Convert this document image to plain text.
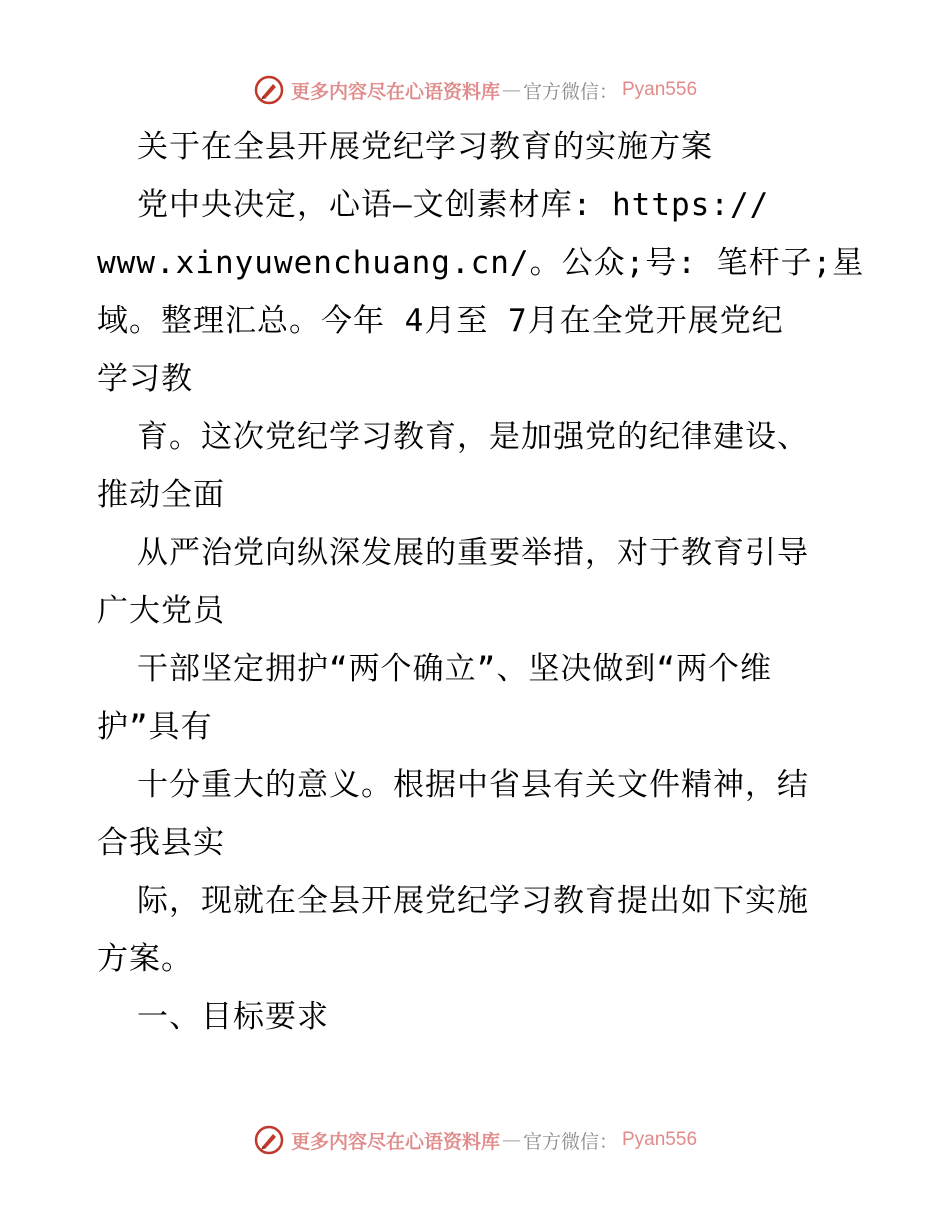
更多内容尽在心语资料库 — 官方微信： Pyan556
关于在全县开展党纪学习教育的实施方案
党中央决定，心语—文创素材库: https://
www.xinyuwenchuang.cn/。公众;号: 笔杆子;星
域。整理汇总。今年 4月至 7月在全党开展党纪
学习教
育。这次党纪学习教育，是加强党的纪律建设、
推动全面
从严治党向纵深发展的重要举措，对于教育引导
广大党员
干部坚定拥护“两个确立”、坚决做到“两个维
护”具有
十分重大的意义。根据中省县有关文件精神，结
合我县实
际，现就在全县开展党纪学习教育提出如下实施
方案。
一、目标要求
更多内容尽在心语资料库 — 官方微信： Pyan556
